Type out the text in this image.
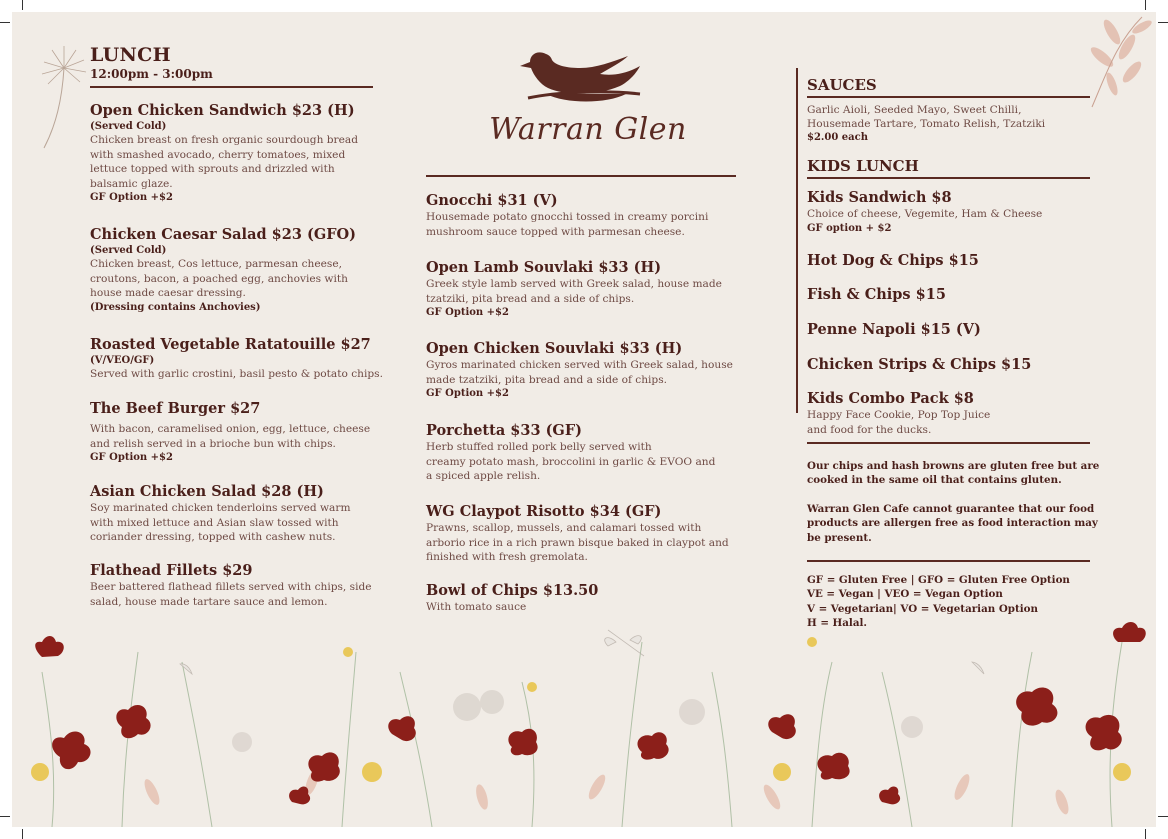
LUNCH
12:00pm - 3:00pm
Open Chicken Sandwich $23 (H)
(Served Cold)
Chicken breast on fresh organic sourdough bread
with smashed avocado, cherry tomatoes, mixed
lettuce topped with sprouts and drizzled with
balsamic glaze.
GF Option +$2
Chicken Caesar Salad $23 (GFO)
(Served Cold)
Chicken breast, Cos lettuce, parmesan cheese,
croutons, bacon, a poached egg, anchovies with
house made caesar dressing.
(Dressing contains Anchovies)
Roasted Vegetable Ratatouille $27
(V/VEO/GF)
Served with garlic crostini, basil pesto & potato chips.
The Beef Burger $27
With bacon, caramelised onion, egg, lettuce, cheese
and relish served in a brioche bun with chips.
GF Option +$2
Asian Chicken Salad $28 (H)
Soy marinated chicken tenderloins served warm
with mixed lettuce and Asian slaw tossed with
coriander dressing, topped with cashew nuts.
Flathead Fillets $29
Beer battered flathead fillets served with chips, side
salad, house made tartare sauce and lemon.
Warran Glen
Gnocchi $31 (V)
Housemade potato gnocchi tossed in creamy porcini
mushroom sauce topped with parmesan cheese.
Open Lamb Souvlaki $33 (H)
Greek style lamb served with Greek salad, house made
tzatziki, pita bread and a side of chips.
GF Option +$2
Open Chicken Souvlaki $33 (H)
Gyros marinated chicken served with Greek salad, house
made tzatziki, pita bread and a side of chips.
GF Option +$2
Porchetta $33 (GF)
Herb stuffed rolled pork belly served with
creamy potato mash, broccolini in garlic & EVOO and
a spiced apple relish.
WG Claypot Risotto $34 (GF)
Prawns, scallop, mussels, and calamari tossed with
arborio rice in a rich prawn bisque baked in claypot and
finished with fresh gremolata.
Bowl of Chips $13.50
With tomato sauce
SAUCES
Garlic Aioli, Seeded Mayo, Sweet Chilli,
Housemade Tartare, Tomato Relish, Tzatziki
$2.00 each
KIDS LUNCH
Kids Sandwich $8
Choice of cheese, Vegemite, Ham & Cheese
GF option + $2
Hot Dog & Chips $15
Fish & Chips $15
Penne Napoli $15 (V)
Chicken Strips & Chips $15
Kids Combo Pack $8
Happy Face Cookie, Pop Top Juice
and food for the ducks.
Our chips and hash browns are gluten free but are
cooked in the same oil that contains gluten.
Warran Glen Cafe cannot guarantee that our food
products are allergen free as food interaction may
be present.
GF = Gluten Free | GFO = Gluten Free Option
VE = Vegan | VEO = Vegan Option
V = Vegetarian| VO = Vegetarian Option
H = Halal.
